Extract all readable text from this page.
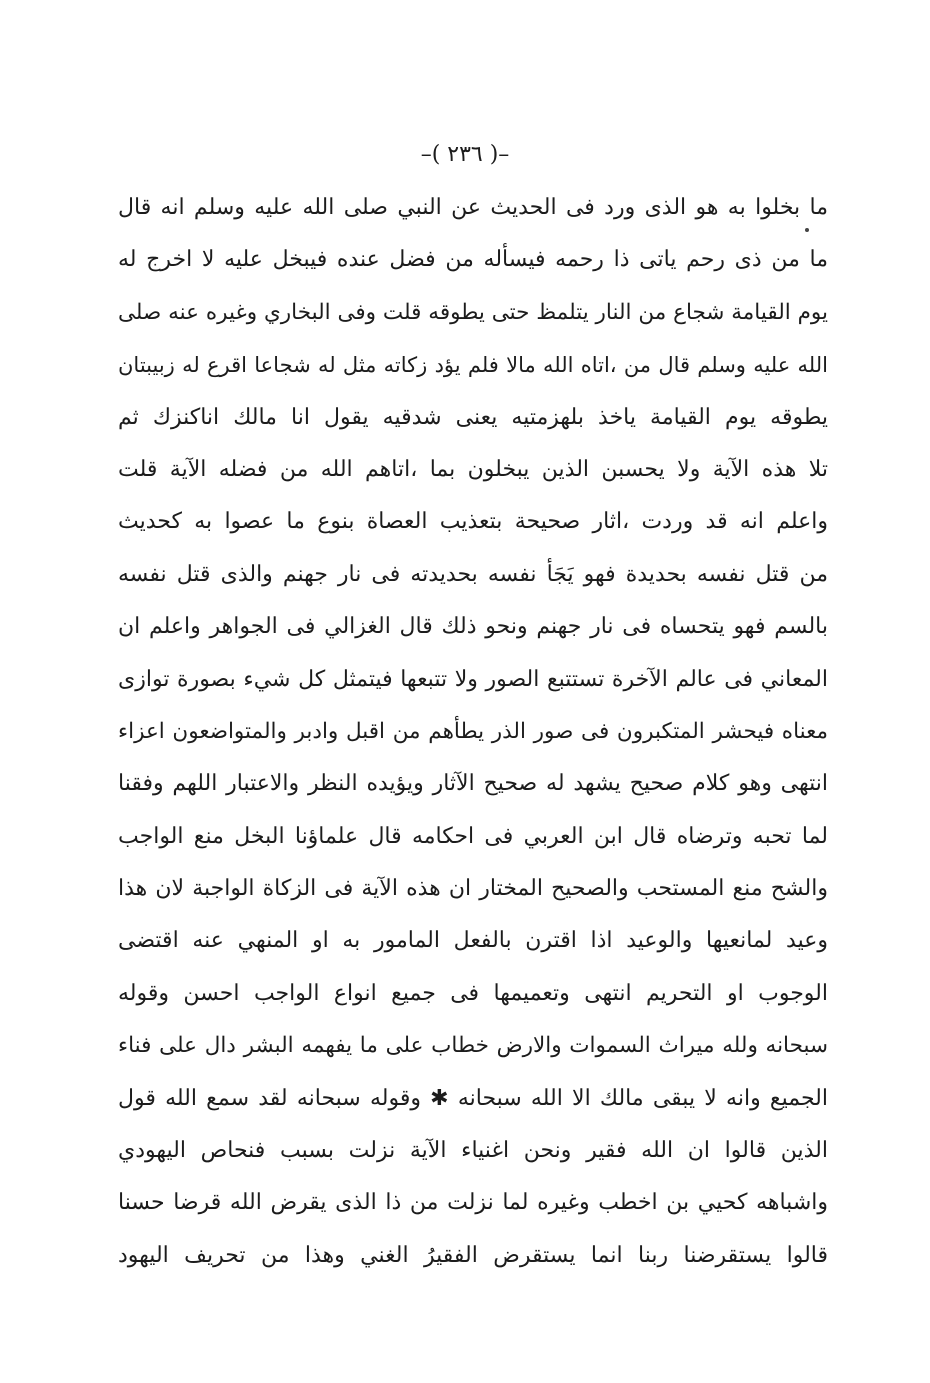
–( ٢٣٦ )–
ما بخلوا به هو الذى ورد فى الحديث عن النبي صلى الله عليه وسلم انه قال
ما من ذى رحم ياتى ذا رحمه فيسأله من فضل عنده فيبخل عليه لا اخرج له
يوم القيامة شجاع من النار يتلمظ حتى يطوقه قلت وفى البخاري وغيره عنه صلى
الله عليه وسلم قال من ،اتاه الله مالا فلم يؤد زكاته مثل له شجاعا اقرع له زبيبتان
يطوقه يوم القيامة ياخذ بلهزمتيه يعنى شدقيه يقول انا مالك اناكنزك ثم
تلا هذه الآية ولا يحسبن الذين يبخلون بما ،اتاهم الله من فضله الآية قلت
واعلم انه قد وردت ،اثار صحيحة بتعذيب العصاة بنوع ما عصوا به كحديث
من قتل نفسه بحديدة فهو يَجَأ نفسه بحديدته فى نار جهنم والذى قتل نفسه
بالسم فهو يتحساه فى نار جهنم ونحو ذلك قال الغزالي فى الجواهر واعلم ان
المعاني فى عالم الآخرة تستتبع الصور ولا تتبعها فيتمثل كل شيء بصورة توازى
معناه فيحشر المتكبرون فى صور الذر يطأهم من اقبل وادبر والمتواضعون اعزاء
انتهى وهو كلام صحيح يشهد له صحيح الآثار ويؤيده النظر والاعتبار اللهم وفقنا
لما تحبه وترضاه قال ابن العربي فى احكامه قال علماؤنا البخل منع الواجب
والشح منع المستحب والصحيح المختار ان هذه الآية فى الزكاة الواجبة لان هذا
وعيد لمانعيها والوعيد اذا اقترن بالفعل المامور به او المنهي عنه اقتضى
الوجوب او التحريم انتهى وتعميمها فى جميع انواع الواجب احسن وقوله
سبحانه ولله ميراث السموات والارض خطاب على ما يفهمه البشر دال على فناء
الجميع وانه لا يبقى مالك الا الله سبحانه ✱ وقوله سبحانه لقد سمع الله قول
الذين قالوا ان الله فقير ونحن اغنياء الآية نزلت بسبب فنحاص اليهودي
واشباهه كحيي بن اخطب وغيره لما نزلت من ذا الذى يقرض الله قرضا حسنا
قالوا يستقرضنا ربنا انما يستقرض الفقيرُ الغني وهذا من تحريف اليهود
